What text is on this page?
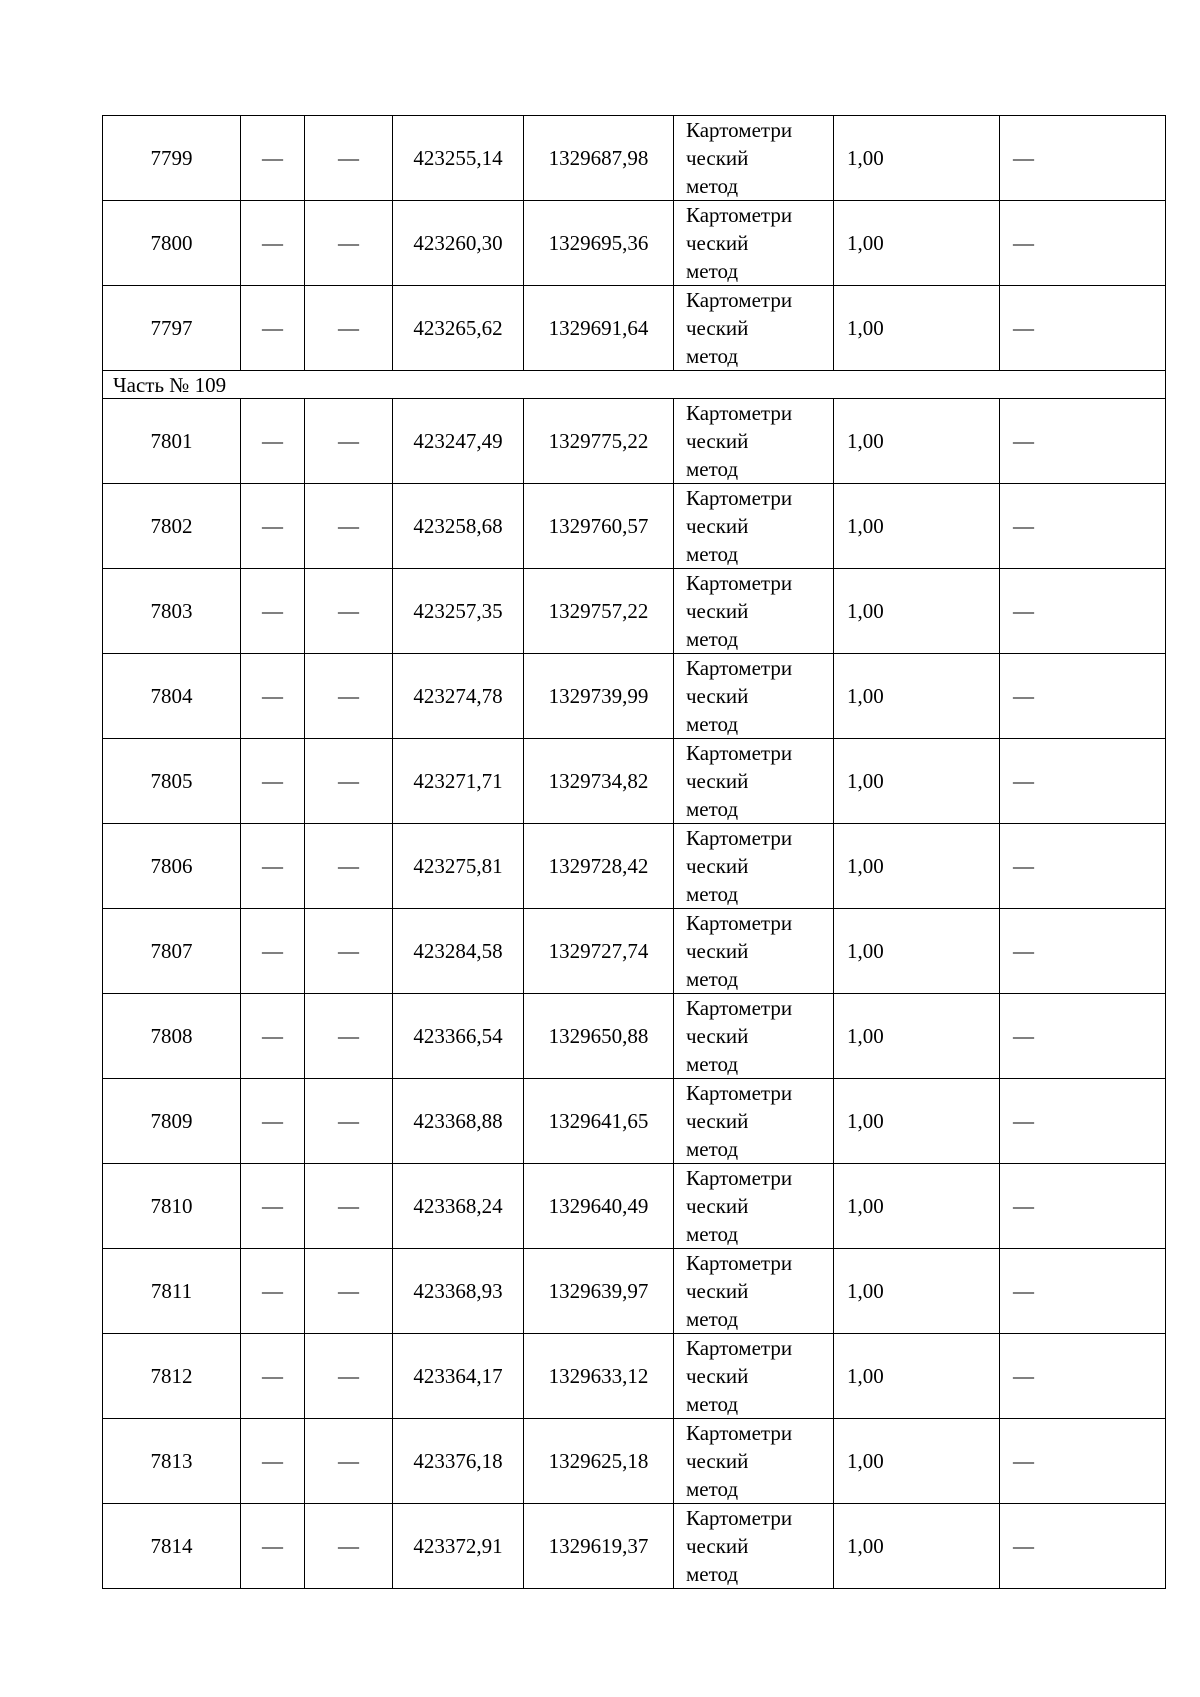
7799	—	—	423255,14	1329687,98	Картометри
ческий
метод	1,00	—
7800	—	—	423260,30	1329695,36	Картометри
ческий
метод	1,00	—
7797	—	—	423265,62	1329691,64	Картометри
ческий
метод	1,00	—
Часть № 109							
7801	—	—	423247,49	1329775,22	Картометри
ческий
метод	1,00	—
7802	—	—	423258,68	1329760,57	Картометри
ческий
метод	1,00	—
7803	—	—	423257,35	1329757,22	Картометри
ческий
метод	1,00	—
7804	—	—	423274,78	1329739,99	Картометри
ческий
метод	1,00	—
7805	—	—	423271,71	1329734,82	Картометри
ческий
метод	1,00	—
7806	—	—	423275,81	1329728,42	Картометри
ческий
метод	1,00	—
7807	—	—	423284,58	1329727,74	Картометри
ческий
метод	1,00	—
7808	—	—	423366,54	1329650,88	Картометри
ческий
метод	1,00	—
7809	—	—	423368,88	1329641,65	Картометри
ческий
метод	1,00	—
7810	—	—	423368,24	1329640,49	Картометри
ческий
метод	1,00	—
7811	—	—	423368,93	1329639,97	Картометри
ческий
метод	1,00	—
7812	—	—	423364,17	1329633,12	Картометри
ческий
метод	1,00	—
7813	—	—	423376,18	1329625,18	Картометри
ческий
метод	1,00	—
7814	—	—	423372,91	1329619,37	Картометри
ческий
метод	1,00	—
